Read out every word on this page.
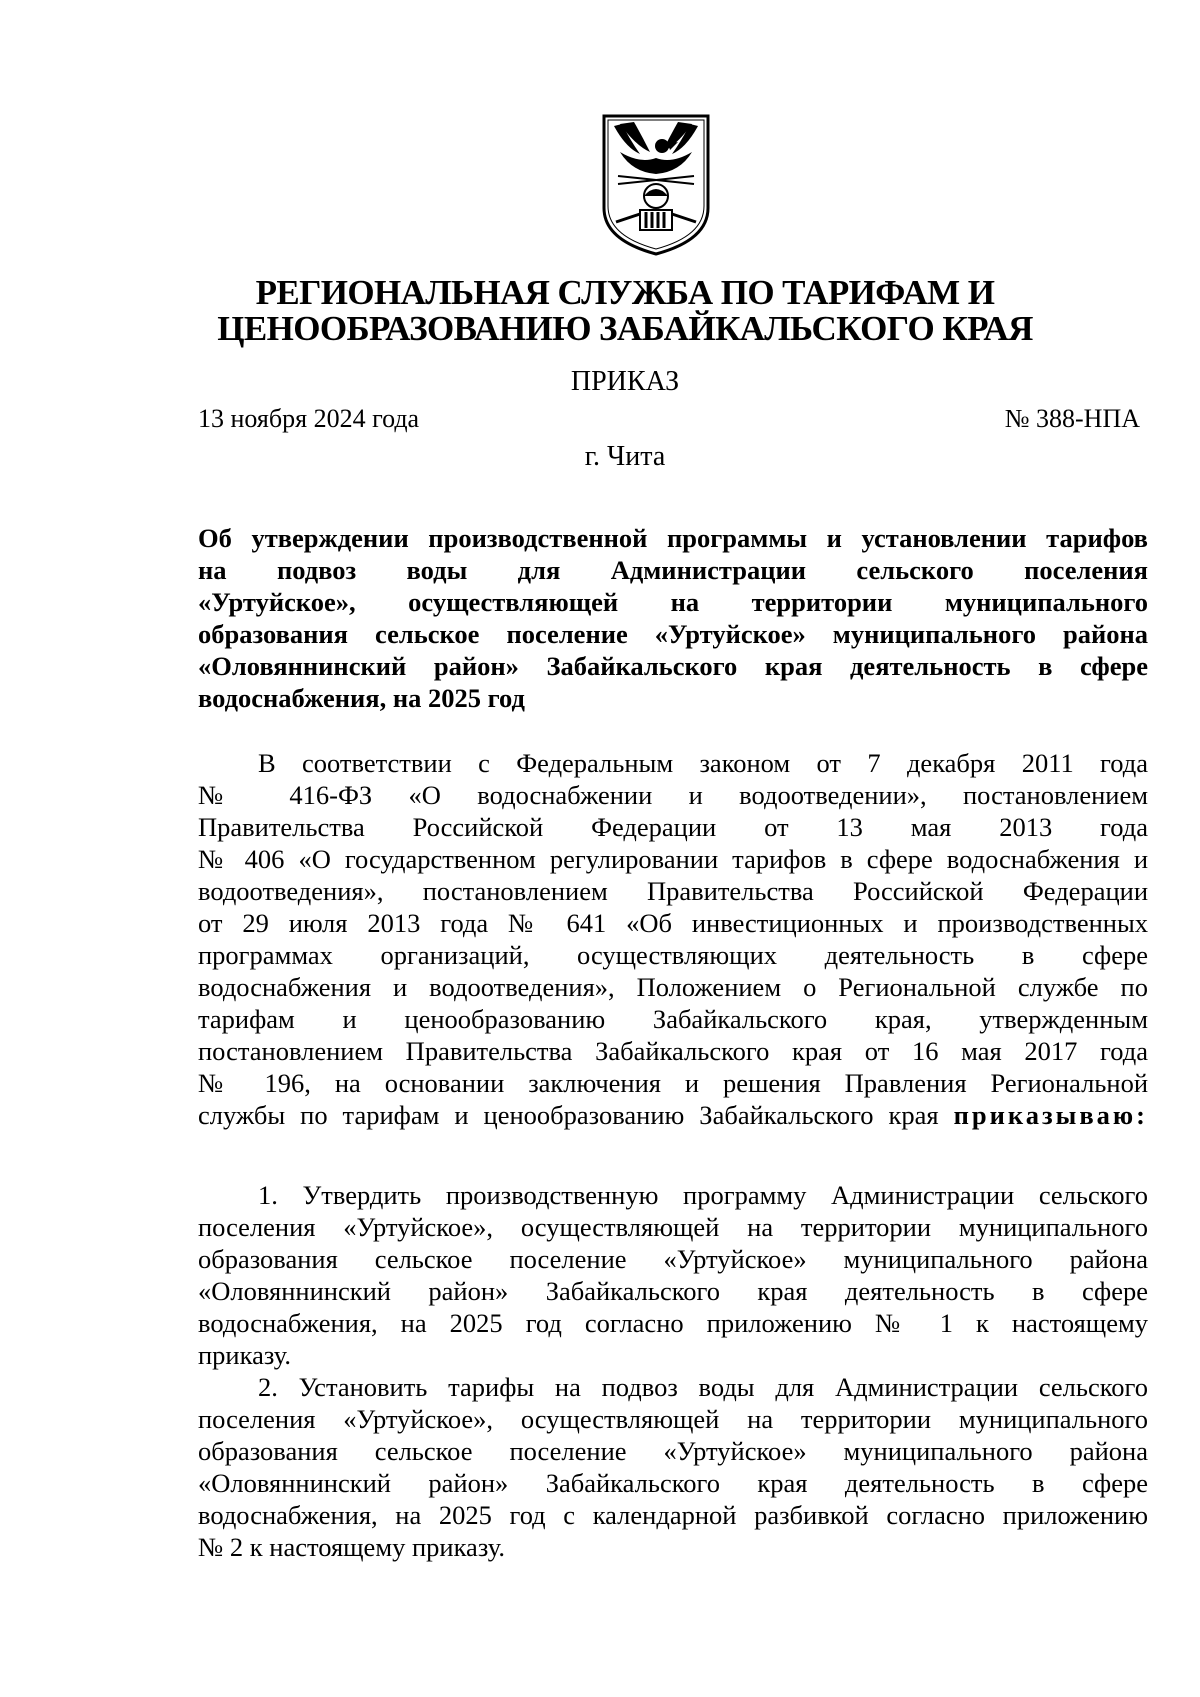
РЕГИОНАЛЬНАЯ СЛУЖБА ПО ТАРИФАМ И
ЦЕНООБРАЗОВАНИЮ ЗАБАЙКАЛЬСКОГО КРАЯ
ПРИКАЗ
13 ноября 2024 года	№ 388-НПА
г. Чита
Об утверждении производственной программы и установлении тарифов
на подвоз воды для Администрации сельского поселения
«Уртуйское», осуществляющей на территории муниципального
образования сельское поселение «Уртуйское» муниципального района
«Оловяннинский район» Забайкальского края деятельность в сфере
водоснабжения, на 2025 год
В соответствии с Федеральным законом от 7 декабря 2011 года
№ 416-ФЗ «О водоснабжении и водоотведении», постановлением
Правительства Российской Федерации от 13 мая 2013 года
№ 406 «О государственном регулировании тарифов в сфере водоснабжения и
водоотведения», постановлением Правительства Российской Федерации
от 29 июля 2013 года № 641 «Об инвестиционных и производственных
программах организаций, осуществляющих деятельность в сфере
водоснабжения и водоотведения», Положением о Региональной службе по
тарифам и ценообразованию Забайкальского края, утвержденным
постановлением Правительства Забайкальского края от 16 мая 2017 года
№ 196, на основании заключения и решения Правления Региональной
службы по тарифам и ценообразованию Забайкальского края приказываю:
1. Утвердить производственную программу Администрации сельского
поселения «Уртуйское», осуществляющей на территории муниципального
образования сельское поселение «Уртуйское» муниципального района
«Оловяннинский район» Забайкальского края деятельность в сфере
водоснабжения, на 2025 год согласно приложению № 1 к настоящему
приказу.
2. Установить тарифы на подвоз воды для Администрации сельского
поселения «Уртуйское», осуществляющей на территории муниципального
образования сельское поселение «Уртуйское» муниципального района
«Оловяннинский район» Забайкальского края деятельность в сфере
водоснабжения, на 2025 год с календарной разбивкой согласно приложению
№ 2 к настоящему приказу.
